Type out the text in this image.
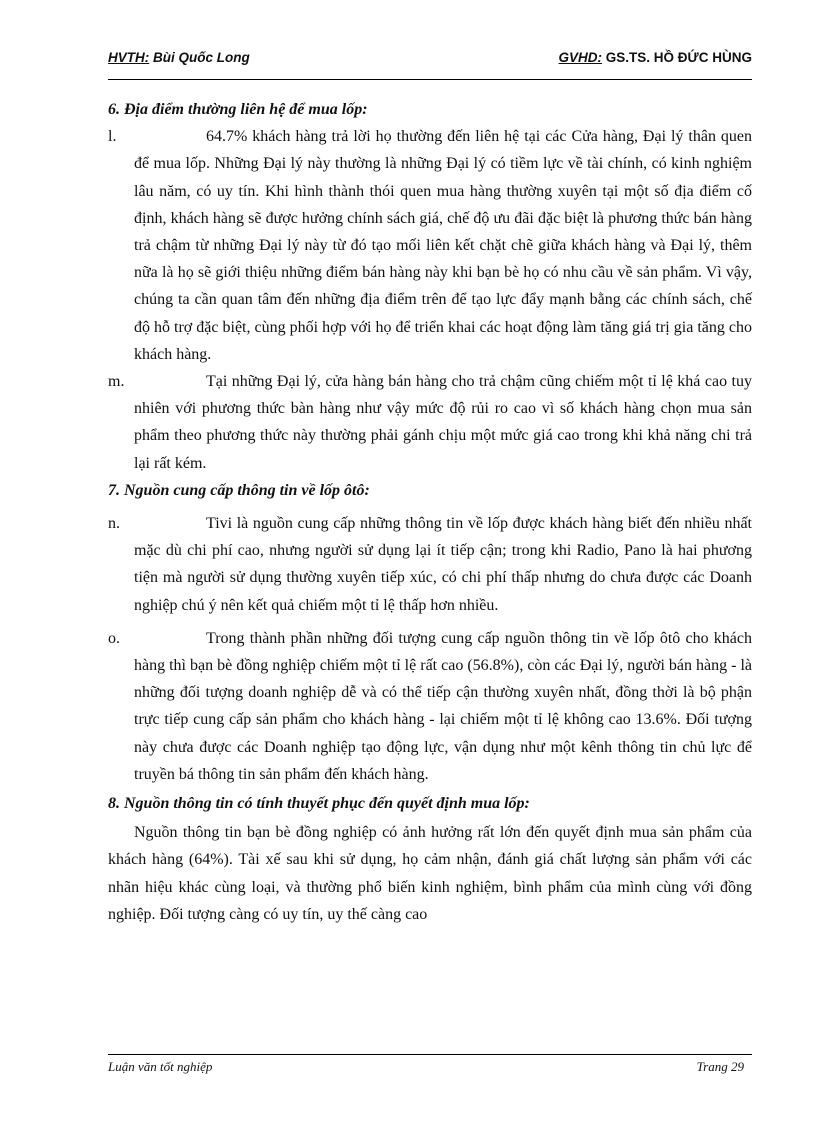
HVTH: Bùi Quốc Long	GVHD: GS.TS. HỒ ĐỨC HÙNG

6. Địa điểm thường liên hệ để mua lốp:

l.	64.7% khách hàng trả lời họ thường đến liên hệ tại các Cửa hàng, Đại lý thân quen để mua lốp. Những Đại lý này thường là những Đại lý có tiềm lực về tài chính, có kinh nghiệm lâu năm, có uy tín. Khi hình thành thói quen mua hàng thường xuyên tại một số địa điểm cố định, khách hàng sẽ được hưởng chính sách giá, chế độ ưu đãi đặc biệt là phương thức bán hàng trả chậm từ những Đại lý này từ đó tạo mối liên kết chặt chẽ giữa khách hàng và Đại lý, thêm nữa là họ sẽ giới thiệu những điểm bán hàng này khi bạn bè họ có nhu cầu về sản phẩm. Vì vậy, chúng ta cần quan tâm đến những địa điểm trên để tạo lực đẩy mạnh bằng các chính sách, chế độ hỗ trợ đặc biệt, cùng phối hợp với họ để triển khai các hoạt động làm tăng giá trị gia tăng cho khách hàng.
m.	Tại những Đại lý, cửa hàng bán hàng cho trả chậm cũng chiếm một tỉ lệ khá cao tuy nhiên với phương thức bàn hàng như vậy mức độ rủi ro cao vì số khách hàng chọn mua sản phẩm theo phương thức này thường phải gánh chịu một mức giá cao trong khi khả năng chi trả lại rất kém.

7. Nguồn cung cấp thông tin về lốp ôtô:

n.	Tivi là nguồn cung cấp những thông tin về lốp được khách hàng biết đến nhiều nhất mặc dù chi phí cao, nhưng người sử dụng lại ít tiếp cận; trong khi Radio, Pano là hai phương tiện mà người sử dụng thường xuyên tiếp xúc, có chi phí thấp nhưng do chưa được các Doanh nghiệp chú ý nên kết quả chiếm một tỉ lệ thấp hơn nhiều.
o.	Trong thành phần những đối tượng cung cấp nguồn thông tin về lốp ôtô cho khách hàng thì bạn bè đồng nghiệp chiếm một tỉ lệ rất cao (56.8%), còn các Đại lý, người bán hàng - là những đối tượng doanh nghiệp dễ và có thể tiếp cận thường xuyên nhất, đồng thời là bộ phận trực tiếp cung cấp sản phẩm cho khách hàng - lại chiếm một tỉ lệ không cao 13.6%. Đối tượng này chưa được các Doanh nghiệp tạo động lực, vận dụng như một kênh thông tin chủ lực để truyền bá thông tin sản phẩm đến khách hàng.

8. Nguồn thông tin có tính thuyết phục đến quyết định mua lốp:

Nguồn thông tin bạn bè đồng nghiệp có ảnh hưởng rất lớn đến quyết định mua sản phẩm của khách hàng (64%). Tài xế sau khi sử dụng, họ cảm nhận, đánh giá chất lượng sản phẩm với các nhãn hiệu khác cùng loại, và thường phổ biến kinh nghiệm, bình phẩm của mình cùng với đồng nghiệp. Đối tượng càng có uy tín, uy thế càng cao

Luận văn tốt nghiệp	Trang 29
